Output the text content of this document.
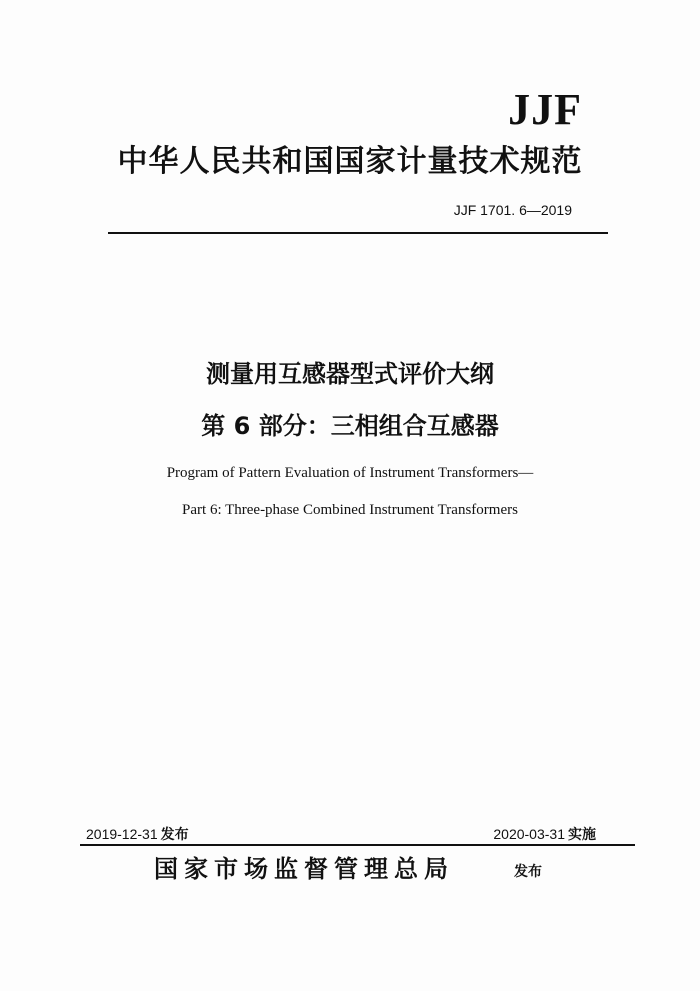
JJF
中华人民共和国国家计量技术规范
JJF 1701. 6—2019
测量用互感器型式评价大纲
第 6 部分：三相组合互感器
Program of Pattern Evaluation of Instrument Transformers—
Part 6: Three-phase Combined Instrument Transformers
2019-12-31 发布	2020-03-31 实施
国家市场监督管理总局	发布
